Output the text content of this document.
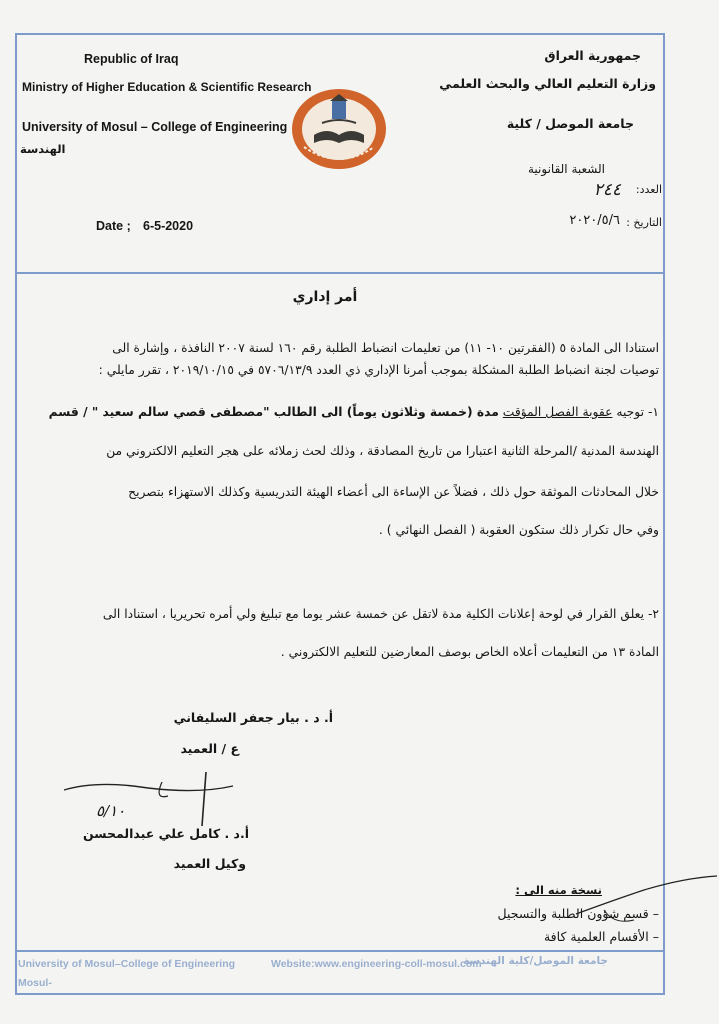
Republic of Iraq
Ministry of Higher Education & Scientific Research
University of Mosul – College of Engineering
الهندسة
Date ; 6-5-2020
جمهورية العراق
وزارة التعليم العالي والبحث العلمي
جامعة الموصل / كلية
الشعبة القانونية
العدد:
٢٤٤
التاريخ :
٢٠٢٠/٥/٦
أمر إداري
استنادا الى المادة ٥ (الفقرتين ١٠- ١١) من تعليمات انضباط الطلبة رقم ١٦٠ لسنة ٢٠٠٧ النافذة ، وإشارة الى
توصيات لجنة انضباط الطلبة المشكلة بموجب أمرنا الإداري ذي العدد ٥٧٠٦/١٣/٩ في ٢٠١٩/١٠/١٥ ، تقرر مايلي :
١- توجيه عقوبة الفصل المؤقت مدة (خمسة وثلاثون يوماً) الى الطالب "مصطفى قصي سالم سعيد " / قسم
الهندسة المدنية /المرحلة الثانية اعتبارا من تاريخ المصادقة ، وذلك لحث زملائه على هجر التعليم الالكتروني من
خلال المحادثات الموثقة حول ذلك ، فضلاً عن الإساءة الى أعضاء الهيئة التدريسية وكذلك الاستهزاء بتصريح
وفي حال تكرار ذلك ستكون العقوبة ( الفصل النهائي ) .
٢- يعلق القرار في لوحة إعلانات الكلية مدة لاتقل عن خمسة عشر يوما مع تبليغ ولي أمره تحريريا ، استنادا الى
المادة ١٣ من التعليمات أعلاه الخاص بوصف المعارضين للتعليم الالكتروني .
أ. د . بيار جعفر السليفاني
ع / العميد
٥/١٠
أ.د . كامل علي عبدالمحسن
وكيل العميد
نسخة منه الى :
– قسم شؤون الطلبة والتسجيل
– الأقسام العلمية كافة
University of Mosul–College of Engineering
Mosul-
Website:www.engineering-coll-mosul.com
جامعة الموصل/كلية الهندسة
